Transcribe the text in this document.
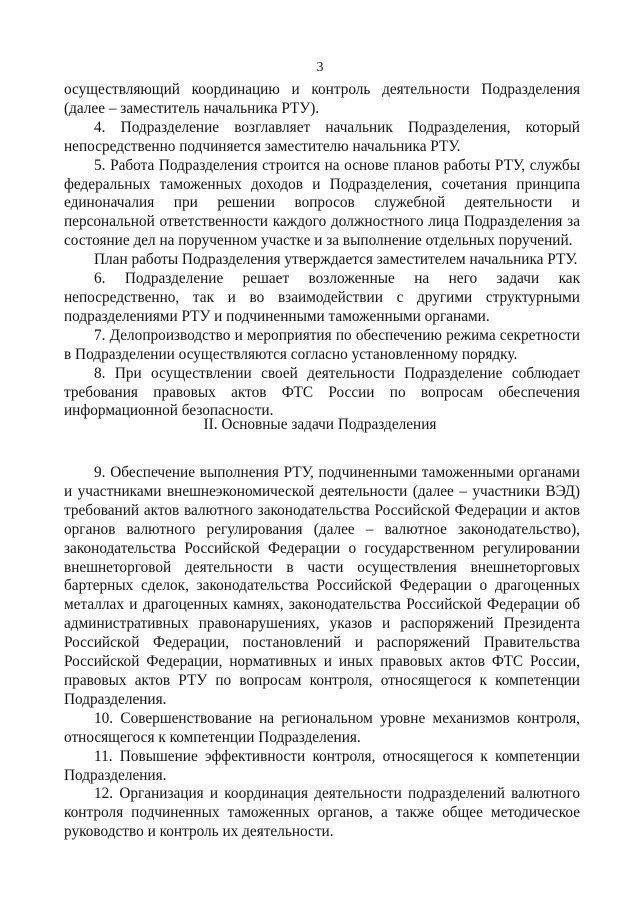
3

осуществляющий координацию и контроль деятельности Подразделения (далее – заместитель начальника РТУ).

4. Подразделение возглавляет начальник Подразделения, который непосредственно подчиняется заместителю начальника РТУ.

5. Работа Подразделения строится на основе планов работы РТУ, службы федеральных таможенных доходов и Подразделения, сочетания принципа единоначалия при решении вопросов служебной деятельности и персональной ответственности каждого должностного лица Подразделения за состояние дел на порученном участке и за выполнение отдельных поручений.

План работы Подразделения утверждается заместителем начальника РТУ.

6. Подразделение решает возложенные на него задачи как непосредственно, так и во взаимодействии с другими структурными подразделениями РТУ и подчиненными таможенными органами.

7. Делопроизводство и мероприятия по обеспечению режима секретности в Подразделении осуществляются согласно установленному порядку.

8. При осуществлении своей деятельности Подразделение соблюдает требования правовых актов ФТС России по вопросам обеспечения информационной безопасности.

II. Основные задачи Подразделения

9. Обеспечение выполнения РТУ, подчиненными таможенными органами и участниками внешнеэкономической деятельности (далее – участники ВЭД) требований актов валютного законодательства Российской Федерации и актов органов валютного регулирования (далее – валютное законодательство), законодательства Российской Федерации о государственном регулировании внешнеторговой деятельности в части осуществления внешнеторговых бартерных сделок, законодательства Российской Федерации о драгоценных металлах и драгоценных камнях, законодательства Российской Федерации об административных правонарушениях, указов и распоряжений Президента Российской Федерации, постановлений и распоряжений Правительства Российской Федерации, нормативных и иных правовых актов ФТС России, правовых актов РТУ по вопросам контроля, относящегося к компетенции Подразделения.

10. Совершенствование на региональном уровне механизмов контроля, относящегося к компетенции Подразделения.

11. Повышение эффективности контроля, относящегося к компетенции Подразделения.

12. Организация и координация деятельности подразделений валютного контроля подчиненных таможенных органов, а также общее методическое руководство и контроль их деятельности.
